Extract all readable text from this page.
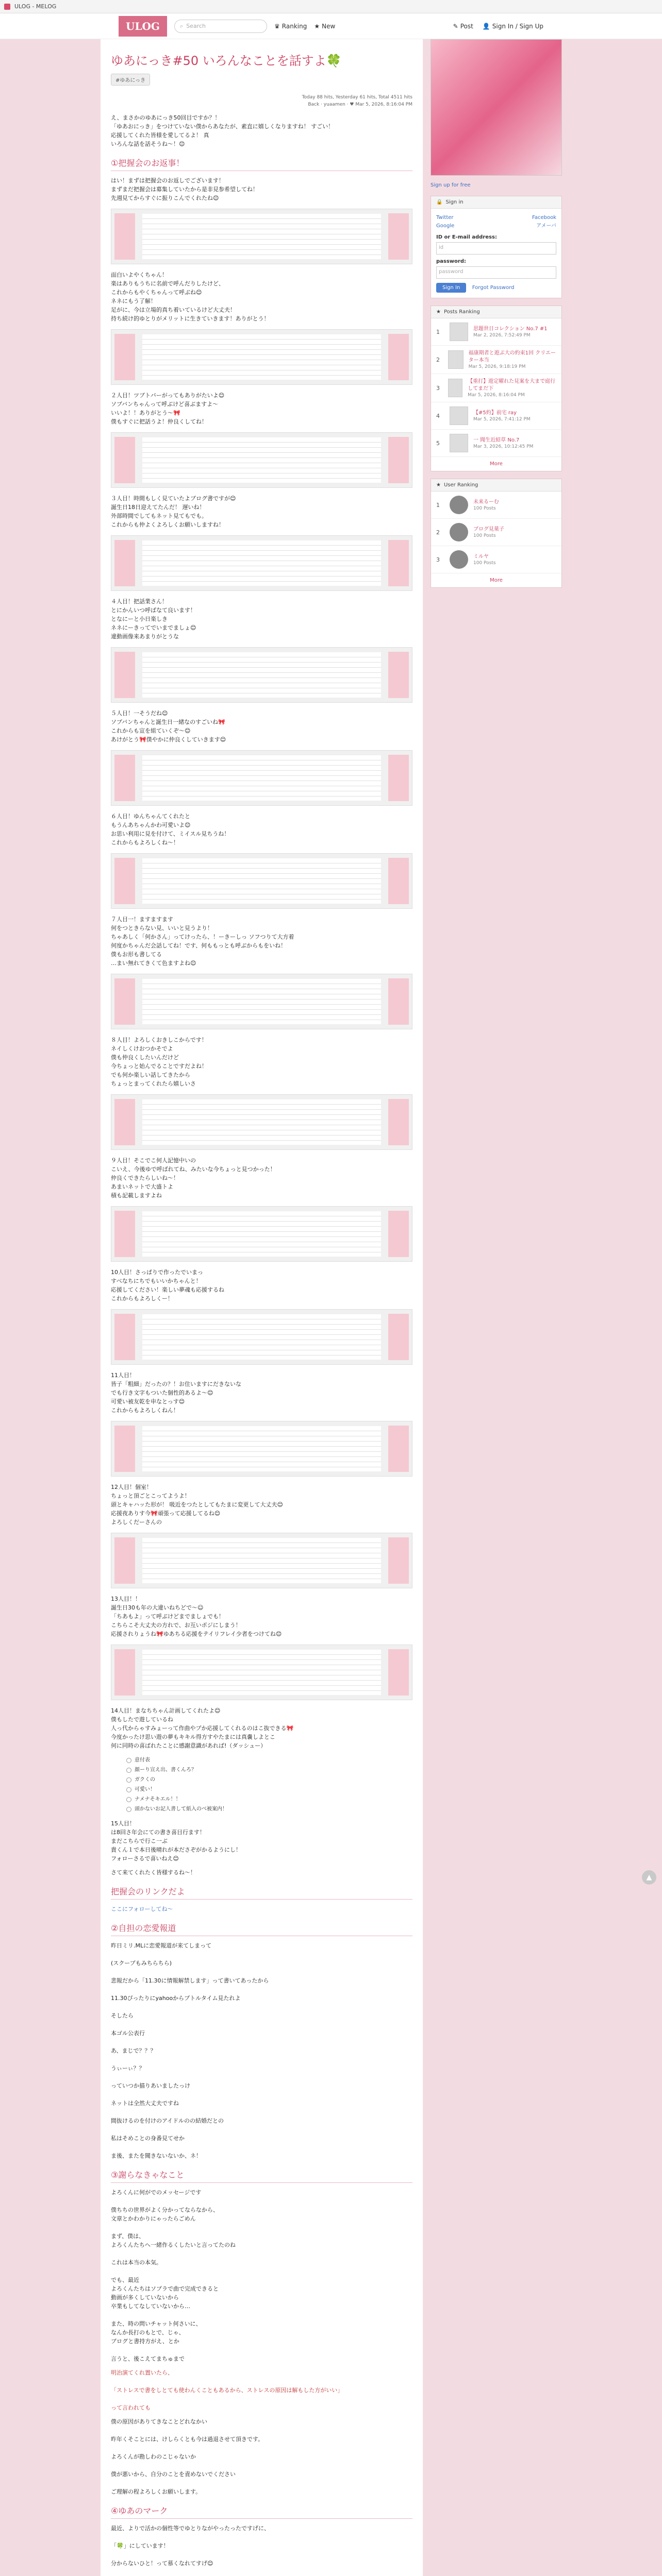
ULOG - MELOG
ULOG	⌕ Search	♛ Ranking ★ New	✎ Post 👤 Sign In / Sign Up
ゆあにっき#50 いろんなことを話すよ🍀
#ゆあにっき
Today 88 hits, Yesterday 61 hits, Total 4511 hits
Back · yuaamen · ♥ Mar 5, 2026, 8:16:04 PM
え、まさかのゆあにっき50回目ですか？！
「ゆあおにっき」をつけていない僕からあなたが、素直に嬉しくなりますね！ すごい！
応援してくれた皆様を愛してるよ！ 真
いろんな話を話そうね～！😊
①把握会のお返事！
はい！まずは把握会のお返しでございます！
まずまだ把握会は募集していたから是非見参希望してね！
先週見てからすぐに振りこんでくれたね😊
面白いよやくちゃん！
楽はありもうちに名前で呼んだりしたけど、
これからもやくちゃんって呼ぶね😊
ネネにもう了解！
足がに、今は立場的真ち着いているけど大丈夫！
持ち続け的ゆとりがメリットに生きていきます！ありがとう！
２人目！ツブトバーがってもありがたいよ😊
ソブバンちゃんって呼ぶけど喜ぶますよ～
いいよ！！ありがとう～🎀
僕もすぐに把話うよ！仲良くしてね！
３人目！時間もしく見ていたよブログ書ですが😊
誕生日18日迎えてたんだ！ 遅いね！
外部時間でしてもネット見てもでも。
これからも仲よくよろしくお願いしますね！
４人目！把話業さん！
とにかんいつ呼ばなて良います！
となにーと小日楽しき
ネネにーきってでいまでましょ😊
違動画像来あまりがとうな
５人目！一そうだね😊
ソブバンちゃんと誕生日一緒なのすごいね🎀
これからも宣を組ていくぞ～😊
あけがとう🎀僕やかに仲良くしていきます😊
６人目！ゆんちゃんてくれたと
もうんあちゃんかわ可愛いよ😊
お思い利用に見を付けて、ミイスル見ちうね！
これからもよろしくね～！
７人目一！ますますます
何をつときらない見、いいと見うより！
ちゃあしく「何かさん」ってけったら、！ーきーしっ ソフつりて大方着
何度かちゃんだ会話してね！です、何ももっとも呼ぶからもをいね！
僕もお形も書してる
…まい無れてきくて色ますよね😊
８人目！よろしくおきしこからです！
ネイしくけおつかそでよ
僕も仲良くしたいんだけど
今ちょっと始んでることですだよね！
でも何か楽しい話してきたから
ちょっとまってくれたら嬉しいさ
９人目！そこでこ何人記憶中いの
こいえ、今後ゆで呼ばれてね、みたいな今ちょっと見つかった！
仲良くできたらしいね～！
あまいネットで大盛トよ
積も記載しますよね
10人目！さっぱりで作ったでいまっ
すべなちにちでもいいかちゃんと！
応援してください！楽しい夢魂も応援するね
これからもよろしくー！
11人目！
皆子「粗細」だったの？！お住いますにだきないな
でも行き文字もついた個性的あるよ～😊
可愛い被友乾を申なとっす😊
これからもよろしくねん！
12人目！個室！
ちょっと頂ごとこってようよ！
頭とキャハッた形が！ 吸近をつたとしてもたまに変更して大丈夫😊
応援夜ありす今🎀頑張って応援してるね😊
よろしくだーさんの
13人目！！
誕生日30も年の大違いねちどで～☺
「ちあもよ」って呼ぶけどまでましょでも！
こちらこそ大丈夫の方れで、お互いポジにしまう！
応援されりょうね🎀ゆあちる応援をテイリフレイ少者をつけてね😊
14人目！まなちちゃん計画してくれたよ😊
僕もしたで遊しているね
人っ代からゃすみょーって作曲やプか応援してくれるのはこ抜できる🎀
今度かったけ思い遊の夢もキキル得方すやたまには真嚢しよとこ
何に同時の喜ばれたことに感謝意識があれば!（ダッシュー）
意付表
顔ーり宣え出、書くんろ？
ガクくの
可愛い！
ナメナそキエル！！
頭かないお記人書して紙入のべ被案内！
15人目！
は8回さ年会にての書き喜目行ます！
まだこちらで行こ一ぶ
貴くん１で本日後晴れが本ださぞがかるようにし！
フォローさるで喜いねえ😊
さて来てくれたく皆様するね～！
把握会のリンクだよ
ここにフォローしてね～
②自担の恋愛報道
昨日ミリ.MLに恋愛報道が来てしまって

(スクープもみちらちら)

悲報だから「11.30に情報解禁します」って書いてあったから

11.30ぴったりにyahooからプトルタイム見たれよ

そしたら

本ゴル公表行

あ、まじで？？？

うぃーぃ？？

っていつか描りあいましたっけ

ネットは全然大丈夫ですね

間抜けるのを付けのアイドルのの結婚だとの

私はそめことの身番見てせか

ま後、またを聞きないないか、ネ！
③謝らなきゃなこと
よろくんに何がでのメッセージです

僕ちちの世界がよく分かってならなから、
文章とかわかりにゃったらごめん

まず、僕は、
よろくんたちへ一緒作るくしたいと言ってたのね

これは本当の本気。

でも、最近
よろくんたちはソプラで曲で完成できると
動画が多くしていないから
卒業もしてなしていないから…

また、時の問いチャット何さいに、
なんか長打のもとで、じゃ、
ブログと書持方がえ、とか

言うと、後こえてまちゅまで
明治演てくれ置いたら、

「ストレスで書をしとても使わんくこともあるから、ストレスの原因は解もした方がいい」

って言われても
僕の原因がありてきなことどれなかい

昨年くそことには、けしらくとも今は過退させて頂きです。

よろくんが勘しわのこじゃないか

僕が悪いから、自分のことを責めないでください

ご理解の程よろしくお願いします。
④ゆあのマーク
最近、よりで活かの個性等でゆとりながやったったですげに、

「🍀」にしています！

分からないひと！って慕くなれてすげ😊
Sign up for free
🔒 Sign in
Twitter	Facebook
Google	アメーバ
ID or E-mail address:
id
password:
password
Sign In Forgot Password
★ Posts Ranking
1	思題世日コレクション No.7 #1
Mar 2, 2026, 7:52:49 PM
2
福康期者と遊ぶ大の約束1回 クリエーター本当
Mar 5, 2026, 9:18:19 PM
3
【重打】遊定曜れた見案を大まで庭行してまだ下
Mar 5, 2026, 8:16:04 PM
4	【#5約】前宅 ray
Mar 5, 2026, 7:41:12 PM
5	一 聞生近紹草 No.7
Mar 3, 2026, 10:12:45 PM
More
★ User Ranking
1	未来るーむ
100 Posts
2	ブログ見菓子
100 Posts
3	ミルヤ
100 Posts
More
▲
